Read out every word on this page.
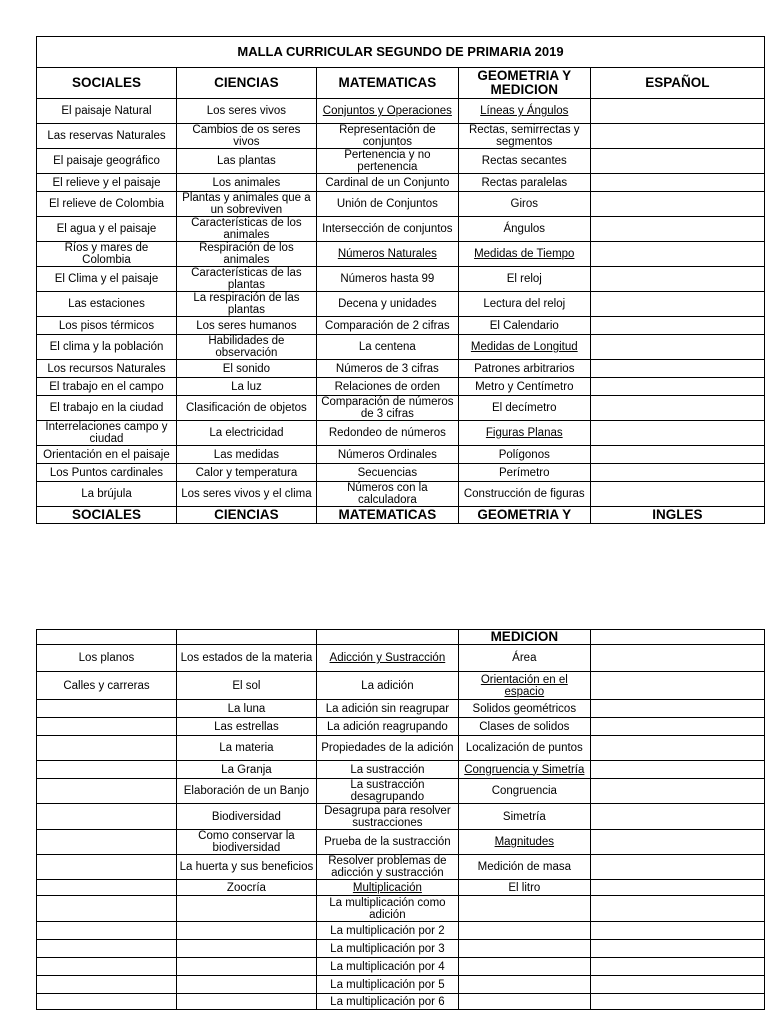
MALLA CURRICULAR SEGUNDO DE PRIMARIA 2019				
SOCIALES	CIENCIAS	MATEMATICAS	GEOMETRIA Y MEDICION	ESPAÑOL
El paisaje Natural	Los seres vivos	Conjuntos y Operaciones	Líneas y Ángulos	
Las reservas Naturales	Cambios de os seres vivos	Representación de conjuntos	Rectas, semirrectas y segmentos	
El paisaje geográfico	Las plantas	Pertenencia y no pertenencia	Rectas secantes	
El relieve y el paisaje	Los animales	Cardinal de un Conjunto	Rectas paralelas	
El relieve de Colombia	Plantas y animales que a un sobreviven	Unión de Conjuntos	Giros	
El agua y el paisaje	Características de los animales	Intersección de conjuntos	Ángulos	
Ríos y mares de Colombia	Respiración de los animales	Números Naturales	Medidas de Tiempo	
El Clima y el paisaje	Características de las plantas	Números hasta 99	El reloj	
Las estaciones	La respiración de las plantas	Decena y unidades	Lectura del reloj	
Los pisos térmicos	Los seres humanos	Comparación de 2 cifras	El Calendario	
El clima y la población	Habilidades de observación	La centena	Medidas de Longitud	
Los recursos Naturales	El sonido	Números de 3 cifras	Patrones arbitrarios	
El trabajo en el campo	La luz	Relaciones de orden	Metro y Centímetro	
El trabajo en la ciudad	Clasificación de objetos	Comparación de números de 3 cifras	El decímetro	
Interrelaciones campo y ciudad	La electricidad	Redondeo de números	Figuras Planas	
Orientación en el paisaje	Las medidas	Números Ordinales	Polígonos	
Los Puntos cardinales	Calor y temperatura	Secuencias	Perímetro	
La brújula	Los seres vivos y el clima	Números con la calculadora	Construcción de figuras	
SOCIALES	CIENCIAS	MATEMATICAS	GEOMETRIA Y	INGLES
			MEDICION	
Los planos	Los estados de la materia	Adicción y Sustracción	Área	
Calles y carreras	El sol	La adición	Orientación en el espacio	
	La luna	La adición sin reagrupar	Solidos geométricos	
	Las estrellas	La adición reagrupando	Clases de solidos	
	La materia	Propiedades de la adición	Localización de puntos	
	La Granja	La sustracción	Congruencia y Simetría	
	Elaboración de un Banjo	La sustracción desagrupando	Congruencia	
	Biodiversidad	Desagrupa para resolver sustracciones	Simetría	
	Como conservar la biodiversidad	Prueba de la sustracción	Magnitudes	
	La huerta y sus beneficios	Resolver problemas de adicción y sustracción	Medición de masa	
	Zoocría	Multiplicación	El litro	
		La multiplicación como adición		
		La multiplicación por 2		
		La multiplicación por 3		
		La multiplicación por 4		
		La multiplicación por 5		
		La multiplicación por 6		
